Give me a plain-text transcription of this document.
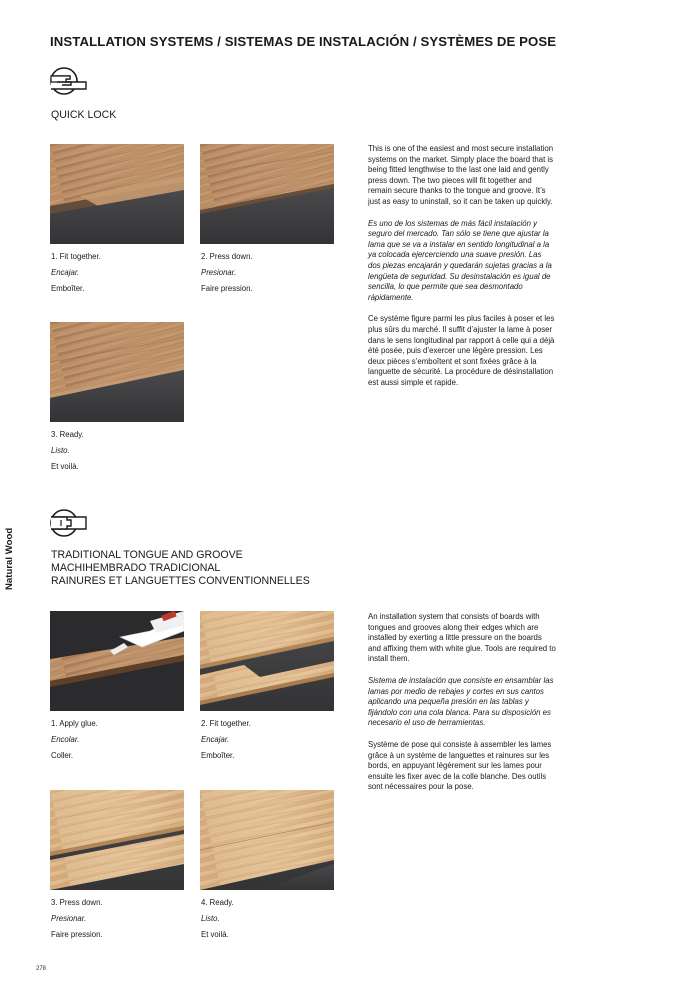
INSTALLATION SYSTEMS / SISTEMAS DE INSTALACIÓN / SYSTÈMES DE POSE
QUICK LOCK
1. Fit together.
Encajar.
Emboîter.
2. Press down.
Presionar.
Faire pression.
3. Ready.
Listo.
Et voilà.

This is one of the easiest and most secure installation systems on the market. Simply place the board that is being fitted lengthwise to the last one laid and gently press down. The two pieces will fit together and remain secure thanks to the tongue and groove. It’s just as easy to uninstall, so it can be taken up quickly.

Es uno de los sistemas de más fácil instalación y seguro del mercado. Tan sólo se tiene que ajustar la lama que se va a instalar en sentido longitudinal a la ya colocada ejercerciendo una suave presión. Las dos piezas encajarán y quedarán sujetas gracias a la lengüeta de seguridad. Su desinstalación es igual de sencilla, lo que permite que sea desmontado rápidamente.

Ce système figure parmi les plus faciles à poser et les plus sûrs du marché. Il suffit d’ajuster la lame à poser dans le sens longitudinal par rapport à celle qui a déjà été posée, puis d’exercer une légère pression. Les deux pièces s’emboîtent et sont fixées grâce à la languette de sécurité. La procédure de désinstallation est aussi simple et rapide.

TRADITIONAL TONGUE AND GROOVE
MACHIHEMBRADO TRADICIONAL
RAINURES ET LANGUETTES CONVENTIONNELLES
1. Apply glue.
Encolar.
Coller.
2. Fit together.
Encajar.
Emboîter.
3. Press down.
Presionar.
Faire pression.
4. Ready.
Listo.
Et voilà.

An installation system that consists of boards with tongues and grooves along their edges which are installed by exerting a little pressure on the boards and affixing them with white glue. Tools are required to install them.

Sistema de instalación que consiste en ensamblar las lamas por medio de rebajes y cortes en sus cantos aplicando una pequeña presión en las tablas y fijándolo con una cola blanca. Para su disposición es necesario el uso de herramientas.

Système de pose qui consiste à assembler les lames grâce à un système de languettes et rainures sur les bords, en appuyant légèrement sur les lames pour ensuite les fixer avec de la colle blanche. Des outils sont nécessaires pour la pose.

Natural Wood
278
